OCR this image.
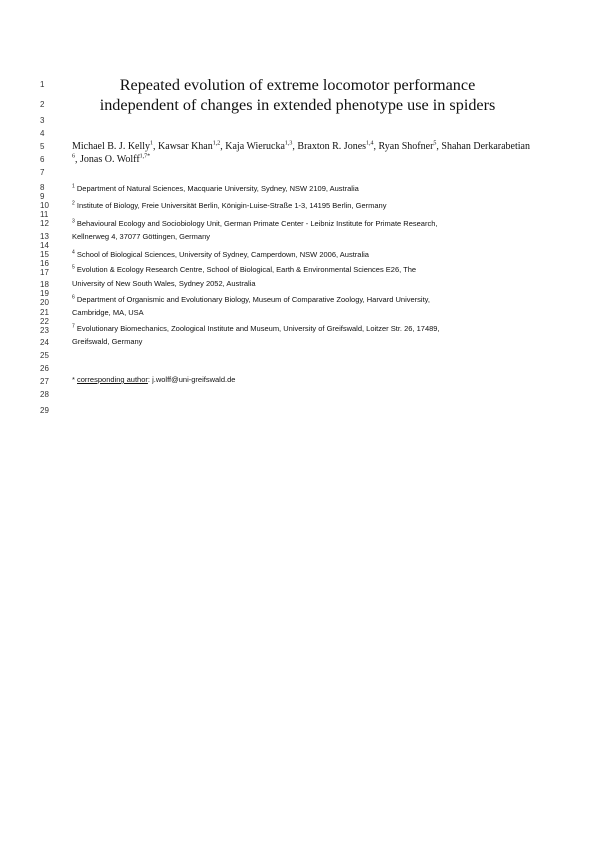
1
2
3
4
5
6
7
8
9
10
11
12
13
14
15
16
17
18
19
20
21
22
23
24
25
26
27
28
29
Repeated evolution of extreme locomotor performance
independent of changes in extended phenotype use in spiders
Michael B. J. Kelly$^1$, Kawsar Khan$^{1,2}$, Kaja Wierucka$^{1,3}$, Braxton R. Jones$^{1,4}$, Ryan Shofner$^5$, Shahan Derkarabetian
$^6$, Jonas O. Wolff$^{1,7*}$
$^1$ Department of Natural Sciences, Macquarie University, Sydney, NSW 2109, Australia
$^2$ Institute of Biology, Freie Universität Berlin, Königin-Luise-Straße 1-3, 14195 Berlin, Germany
$^3$ Behavioural Ecology and Sociobiology Unit, German Primate Center - Leibniz Institute for Primate Research,
Kellnerweg 4, 37077 Göttingen, Germany
$^4$ School of Biological Sciences, University of Sydney, Camperdown, NSW 2006, Australia
$^5$ Evolution & Ecology Research Centre, School of Biological, Earth & Environmental Sciences E26, The
University of New South Wales, Sydney 2052, Australia
$^6$ Department of Organismic and Evolutionary Biology, Museum of Comparative Zoology, Harvard University,
Cambridge, MA, USA
$^7$ Evolutionary Biomechanics, Zoological Institute and Museum, University of Greifswald, Loitzer Str. 26, 17489,
Greifswald, Germany
* corresponding author: j.wolff@uni-greifswald.de
